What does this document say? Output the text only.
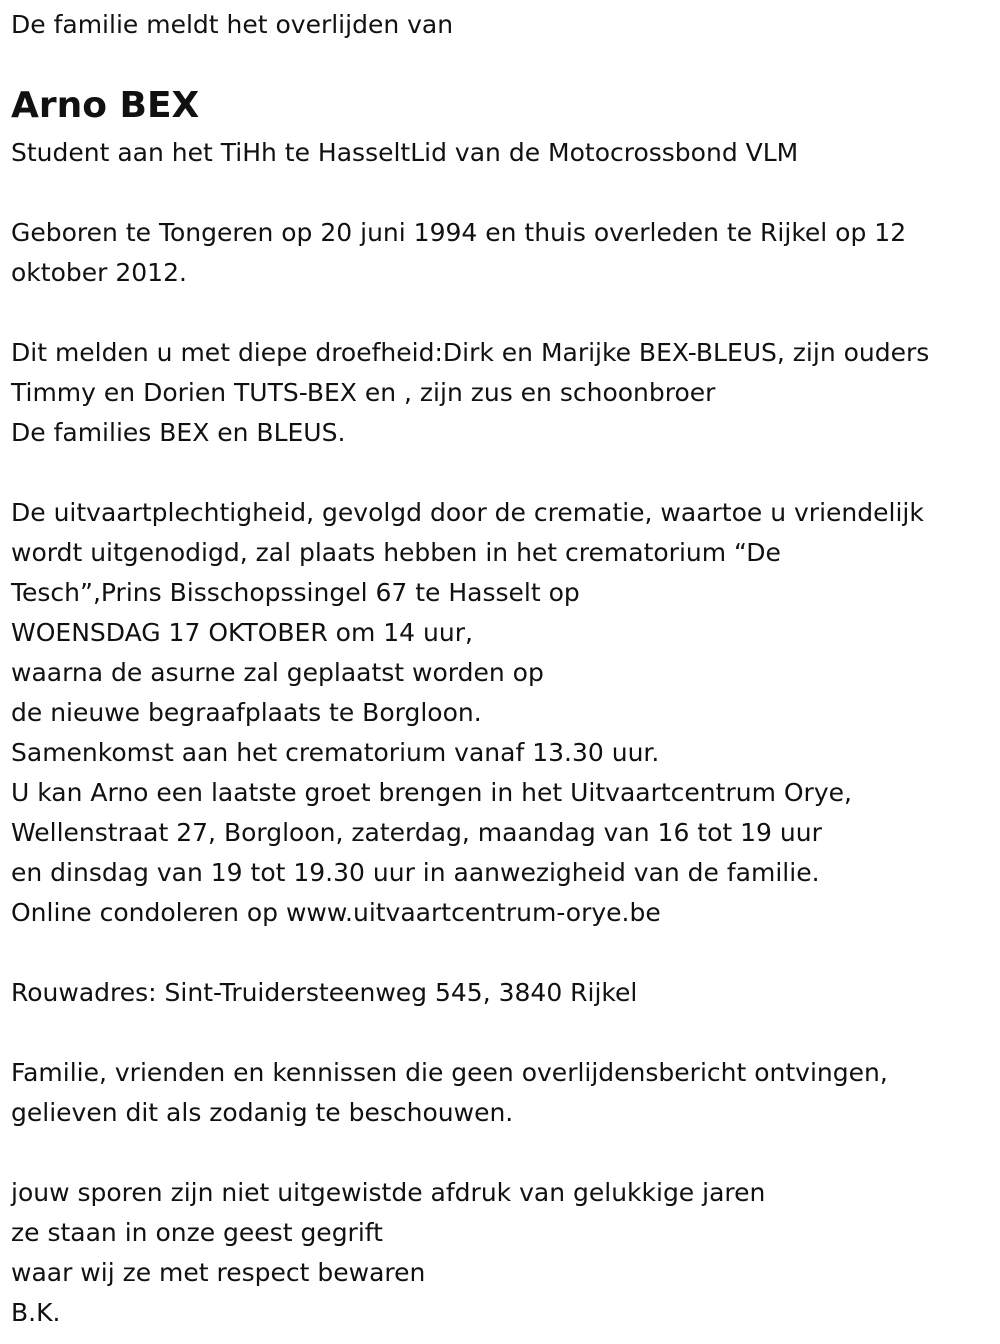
De familie meldt het overlijden van
Arno BEX
Student aan het TiHh te HasseltLid van de Motocrossbond VLM
Geboren te Tongeren op 20 juni 1994 en thuis overleden te Rijkel op 12
oktober 2012.
Dit melden u met diepe droefheid:Dirk en Marijke BEX-BLEUS, zijn ouders
Timmy en Dorien TUTS-BEX en , zijn zus en schoonbroer
De families BEX en BLEUS.
De uitvaartplechtigheid, gevolgd door de crematie, waartoe u vriendelijk
wordt uitgenodigd, zal plaats hebben in het crematorium “De
Tesch”,Prins Bisschopssingel 67 te Hasselt op
WOENSDAG 17 OKTOBER om 14 uur,
waarna de asurne zal geplaatst worden op
de nieuwe begraafplaats te Borgloon.
Samenkomst aan het crematorium vanaf 13.30 uur.
U kan Arno een laatste groet brengen in het Uitvaartcentrum Orye,
Wellenstraat 27, Borgloon, zaterdag, maandag van 16 tot 19 uur
en dinsdag van 19 tot 19.30 uur in aanwezigheid van de familie.
Online condoleren op www.uitvaartcentrum-orye.be
Rouwadres: Sint-Truidersteenweg 545, 3840 Rijkel
Familie, vrienden en kennissen die geen overlijdensbericht ontvingen,
gelieven dit als zodanig te beschouwen.
jouw sporen zijn niet uitgewistde afdruk van gelukkige jaren
ze staan in onze geest gegrift
waar wij ze met respect bewaren
B.K.
